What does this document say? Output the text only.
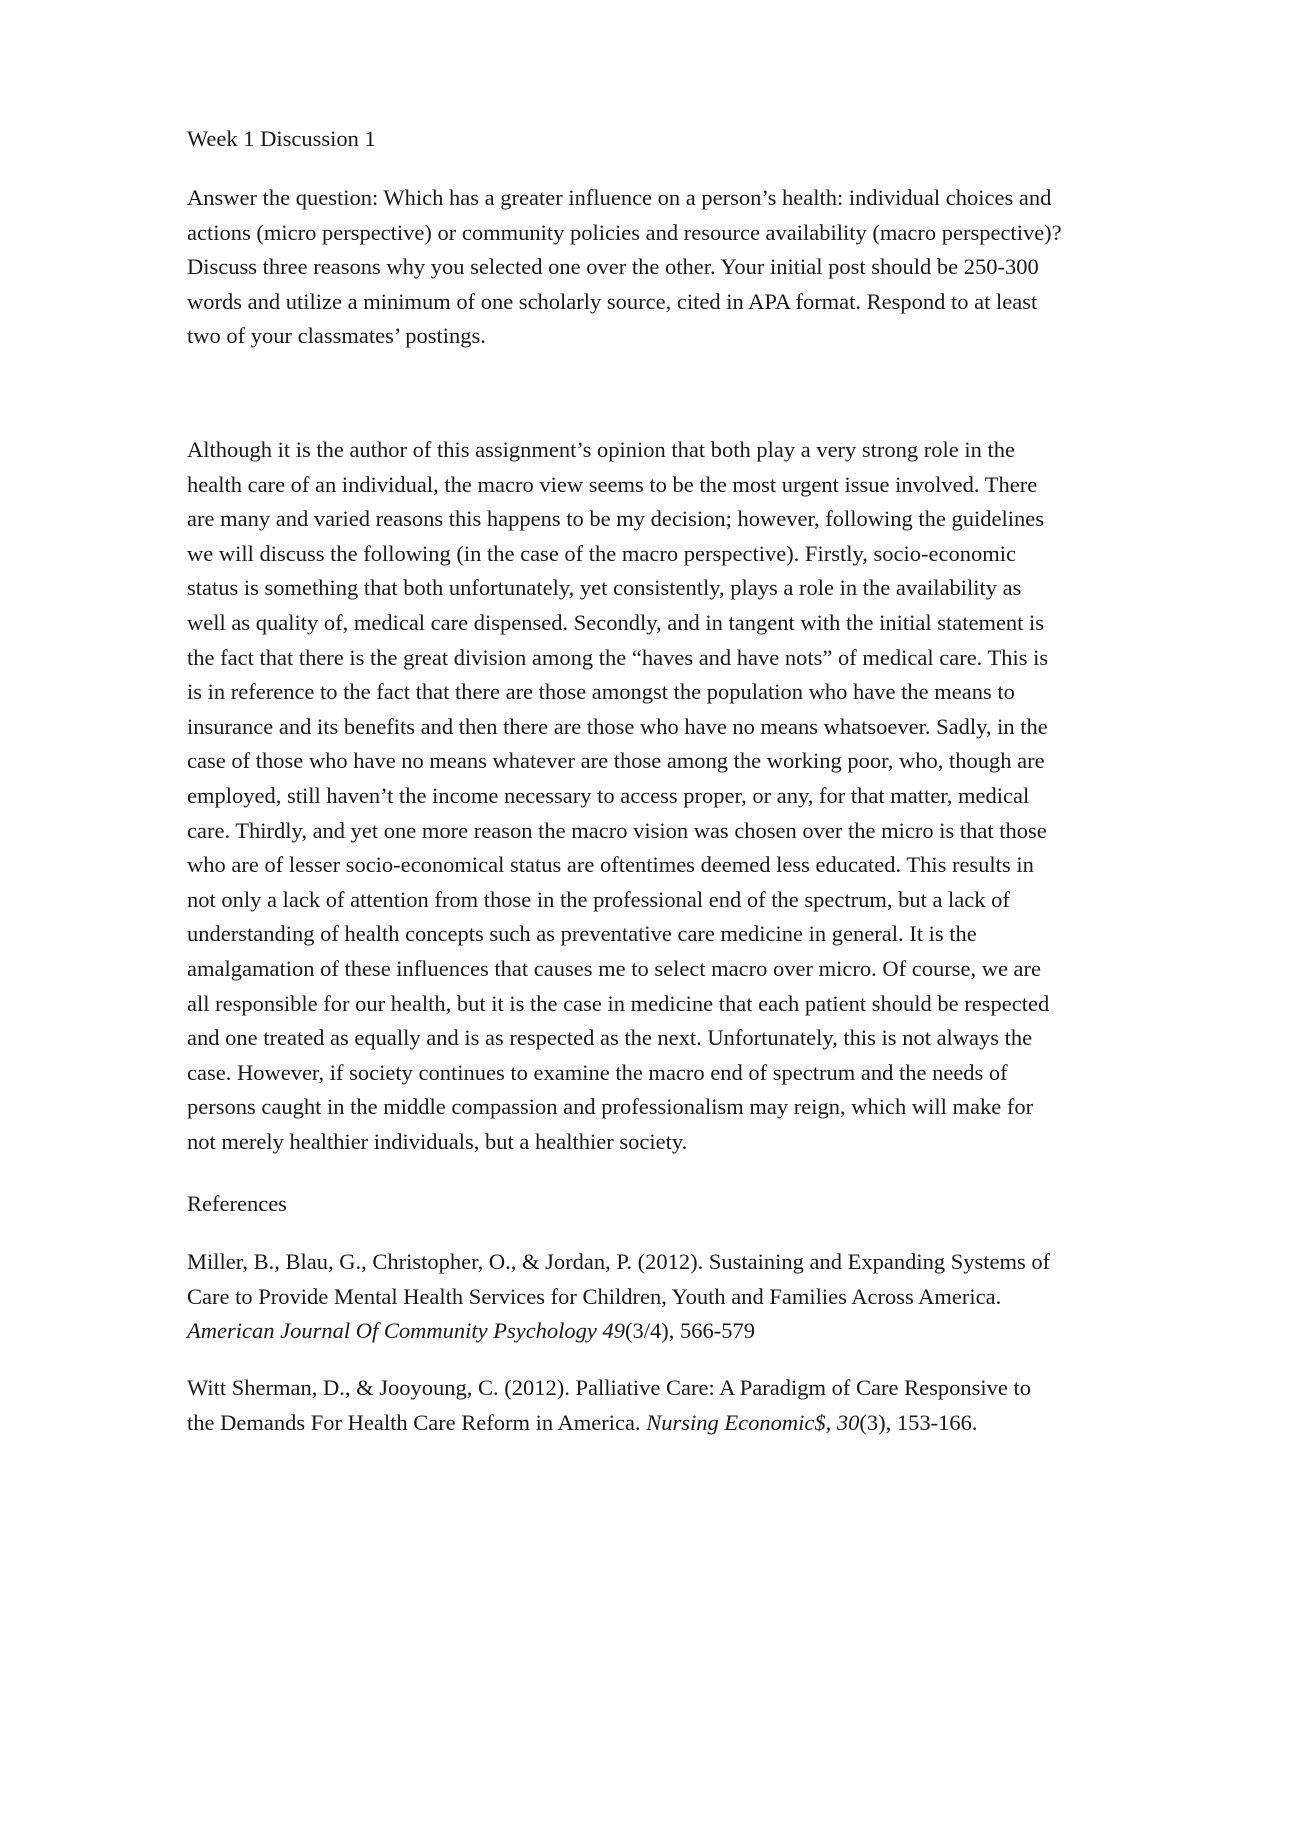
Week 1 Discussion 1

Answer the question: Which has a greater influence on a person’s health: individual choices and
actions (micro perspective) or community policies and resource availability (macro perspective)?
Discuss three reasons why you selected one over the other. Your initial post should be 250-300
words and utilize a minimum of one scholarly source, cited in APA format. Respond to at least
two of your classmates’ postings.

Although it is the author of this assignment’s opinion that both play a very strong role in the
health care of an individual, the macro view seems to be the most urgent issue involved. There
are many and varied reasons this happens to be my decision; however, following the guidelines
we will discuss the following (in the case of the macro perspective). Firstly, socio-economic
status is something that both unfortunately, yet consistently, plays a role in the availability as
well as quality of, medical care dispensed. Secondly, and in tangent with the initial statement is
the fact that there is the great division among the “haves and have nots” of medical care. This is
is in reference to the fact that there are those amongst the population who have the means to
insurance and its benefits and then there are those who have no means whatsoever. Sadly, in the
case of those who have no means whatever are those among the working poor, who, though are
employed, still haven’t the income necessary to access proper, or any, for that matter, medical
care. Thirdly, and yet one more reason the macro vision was chosen over the micro is that those
who are of lesser socio-economical status are oftentimes deemed less educated. This results in
not only a lack of attention from those in the professional end of the spectrum, but a lack of
understanding of health concepts such as preventative care medicine in general. It is the
amalgamation of these influences that causes me to select macro over micro. Of course, we are
all responsible for our health, but it is the case in medicine that each patient should be respected
and one treated as equally and is as respected as the next. Unfortunately, this is not always the
case. However, if society continues to examine the macro end of spectrum and the needs of
persons caught in the middle compassion and professionalism may reign, which will make for
not merely healthier individuals, but a healthier society.

References

Miller, B., Blau, G., Christopher, O., & Jordan, P. (2012). Sustaining and Expanding Systems of
Care to Provide Mental Health Services for Children, Youth and Families Across America.
American Journal Of Community Psychology 49(3/4), 566-579

Witt Sherman, D., & Jooyoung, C. (2012). Palliative Care: A Paradigm of Care Responsive to
the Demands For Health Care Reform in America. Nursing Economic$, 30(3), 153-166.
